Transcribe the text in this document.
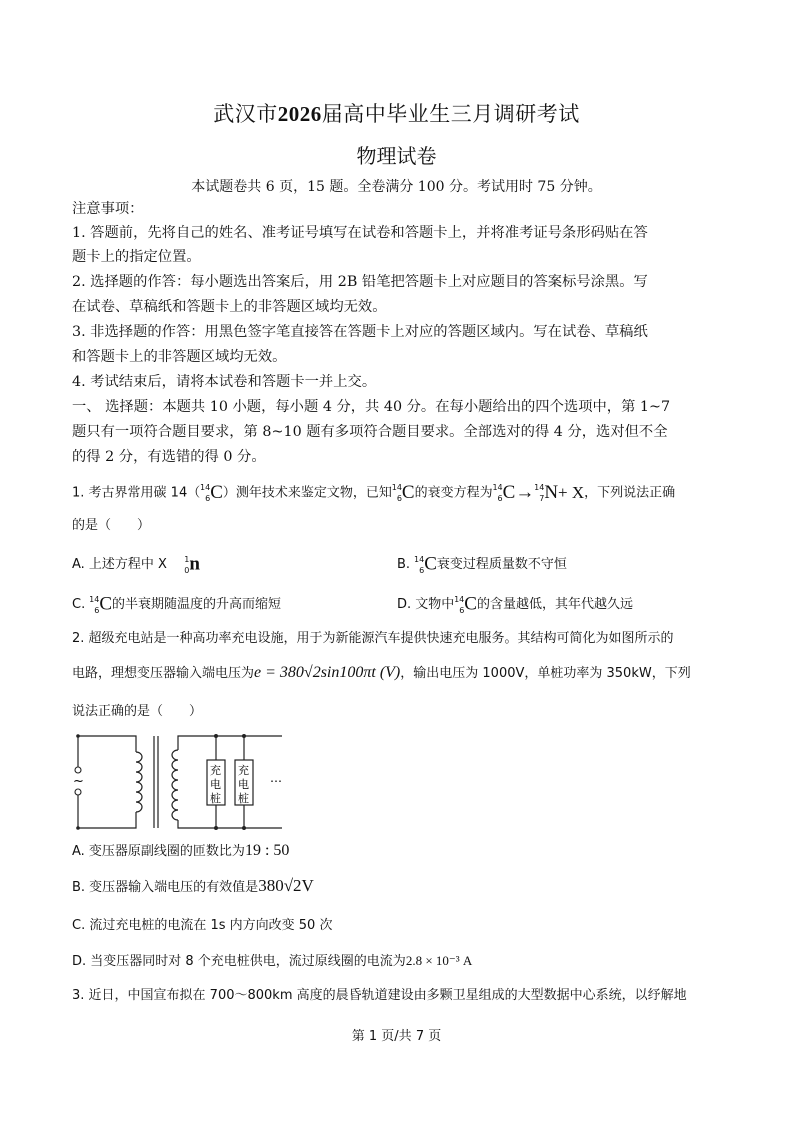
武汉市2026届高中毕业生三月调研考试
物理试卷
本试题卷共 6 页，15 题。全卷满分 100 分。考试用时 75 分钟。
注意事项：
1. 答题前，先将自己的姓名、准考证号填写在试卷和答题卡上，并将准考证号条形码贴在答
题卡上的指定位置。
2. 选择题的作答：每小题选出答案后，用 2B 铅笔把答题卡上对应题目的答案标号涂黑。写
在试卷、草稿纸和答题卡上的非答题区域均无效。
3. 非选择题的作答：用黑色签字笔直接答在答题卡上对应的答题区域内。写在试卷、草稿纸
和答题卡上的非答题区域均无效。
4. 考试结束后，请将本试卷和答题卡一并上交。
一、 选择题：本题共 10 小题，每小题 4 分，共 40 分。在每小题给出的四个选项中，第 1~7
题只有一项符合题目要求，第 8~10 题有多项符合题目要求。全部选对的得 4 分，选对但不全
的得 2 分，有选错的得 0 分。
1. 考古界常用碳 14（ 14
6 C）测年技术来鉴定文物，已知 14
6 C的衰变方程为 14
6 C→ 14
7 N+ X，下列说法正确
的是（　　）
A. 上述方程中 X 1
0 n	B. 14
6 C衰变过程质量数不守恒
C. 14
6 C的半衰期随温度的升高而缩短	D. 文物中 14
6 C的含量越低，其年代越久远
2. 超级充电站是一种高功率充电设施，用于为新能源汽车提供快速充电服务。其结构可简化为如图所示的
电路，理想变压器输入端电压为e = 380√2sin100πt (V)，输出电压为 1000V，单桩功率为 350kW，下列
说法正确的是（　　）
~
充
电
桩
充
电
桩
…
A. 变压器原副线圈的匝数比为19 : 50
B. 变压器输入端电压的有效值是380√2V
C. 流过充电桩的电流在 1s 内方向改变 50 次
D. 当变压器同时对 8 个充电桩供电，流过原线圈的电流为2.8 × 10⁻³ A
3. 近日，中国宣布拟在 700～800km 高度的晨昏轨道建设由多颗卫星组成的大型数据中心系统，以纾解地
第 1 页/共 7 页
